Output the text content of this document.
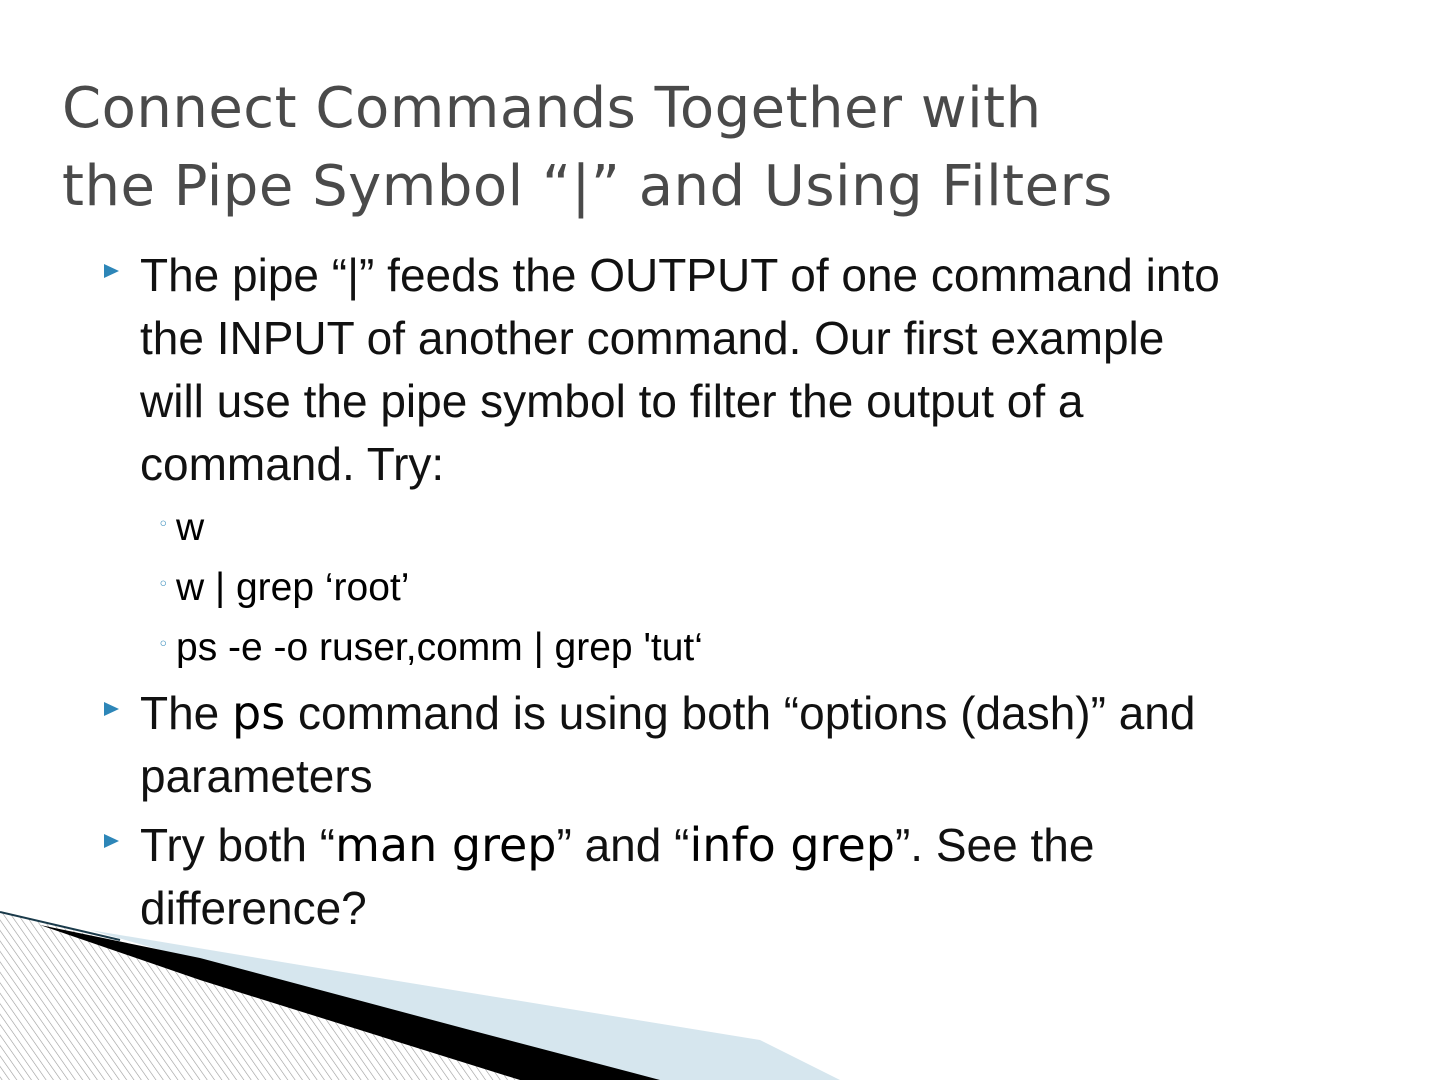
Connect Commands Together with
the Pipe Symbol “|” and Using Filters
The pipe “|” feeds the OUTPUT of one command into
the INPUT of another command. Our first example
will use the pipe symbol to filter the output of a
command. Try:
◦ w
◦ w | grep ‘root’
◦ ps -e -o ruser,comm | grep 'tut‘
The ps command is using both “options (dash)” and
parameters
Try both “man grep” and “info grep”. See the
difference?
